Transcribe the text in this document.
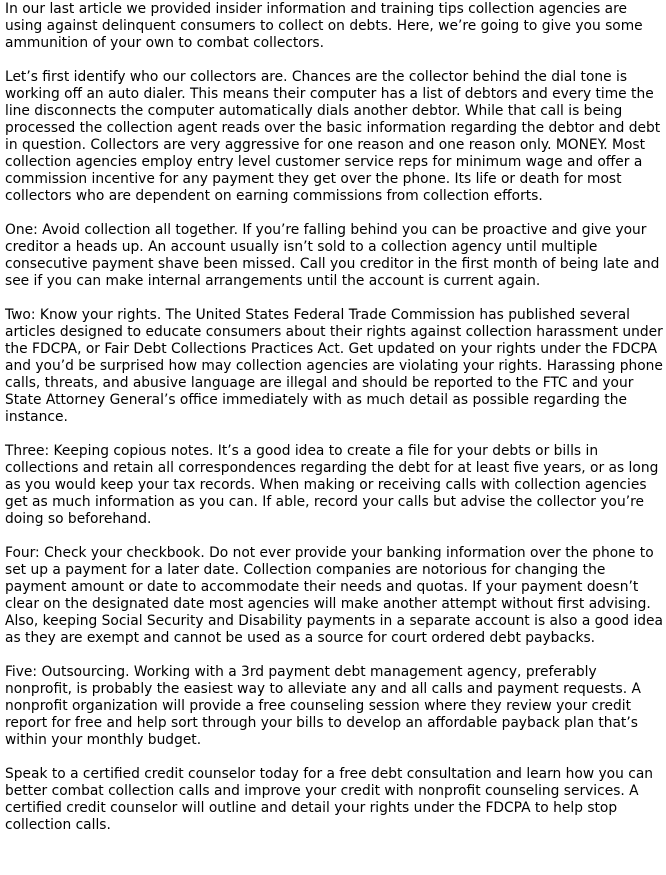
In our last article we provided insider information and training tips collection agencies are using against delinquent consumers to collect on debts. Here, we’re going to give you some ammunition of your own to combat collectors.

Let’s first identify who our collectors are. Chances are the collector behind the dial tone is working off an auto dialer. This means their computer has a list of debtors and every time the line disconnects the computer automatically dials another debtor. While that call is being processed the collection agent reads over the basic information regarding the debtor and debt in question. Collectors are very aggressive for one reason and one reason only. MONEY. Most collection agencies employ entry level customer service reps for minimum wage and offer a commission incentive for any payment they get over the phone. Its life or death for most collectors who are dependent on earning commissions from collection efforts.

One: Avoid collection all together. If you’re falling behind you can be proactive and give your creditor a heads up. An account usually isn’t sold to a collection agency until multiple consecutive payment shave been missed. Call you creditor in the first month of being late and see if you can make internal arrangements until the account is current again.

Two: Know your rights. The United States Federal Trade Commission has published several articles designed to educate consumers about their rights against collection harassment under the FDCPA, or Fair Debt Collections Practices Act. Get updated on your rights under the FDCPA and you’d be surprised how may collection agencies are violating your rights. Harassing phone calls, threats, and abusive language are illegal and should be reported to the FTC and your State Attorney General’s office immediately with as much detail as possible regarding the instance.

Three: Keeping copious notes. It’s a good idea to create a file for your debts or bills in collections and retain all correspondences regarding the debt for at least five years, or as long as you would keep your tax records. When making or receiving calls with collection agencies get as much information as you can. If able, record your calls but advise the collector you’re doing so beforehand.

Four: Check your checkbook. Do not ever provide your banking information over the phone to set up a payment for a later date. Collection companies are notorious for changing the payment amount or date to accommodate their needs and quotas. If your payment doesn’t clear on the designated date most agencies will make another attempt without first advising. Also, keeping Social Security and Disability payments in a separate account is also a good idea as they are exempt and cannot be used as a source for court ordered debt paybacks.

Five: Outsourcing. Working with a 3rd payment debt management agency, preferably nonprofit, is probably the easiest way to alleviate any and all calls and payment requests. A nonprofit organization will provide a free counseling session where they review your credit report for free and help sort through your bills to develop an affordable payback plan that’s within your monthly budget.

Speak to a certified credit counselor today for a free debt consultation and learn how you can better combat collection calls and improve your credit with nonprofit counseling services. A certified credit counselor will outline and detail your rights under the FDCPA to help stop collection calls.
